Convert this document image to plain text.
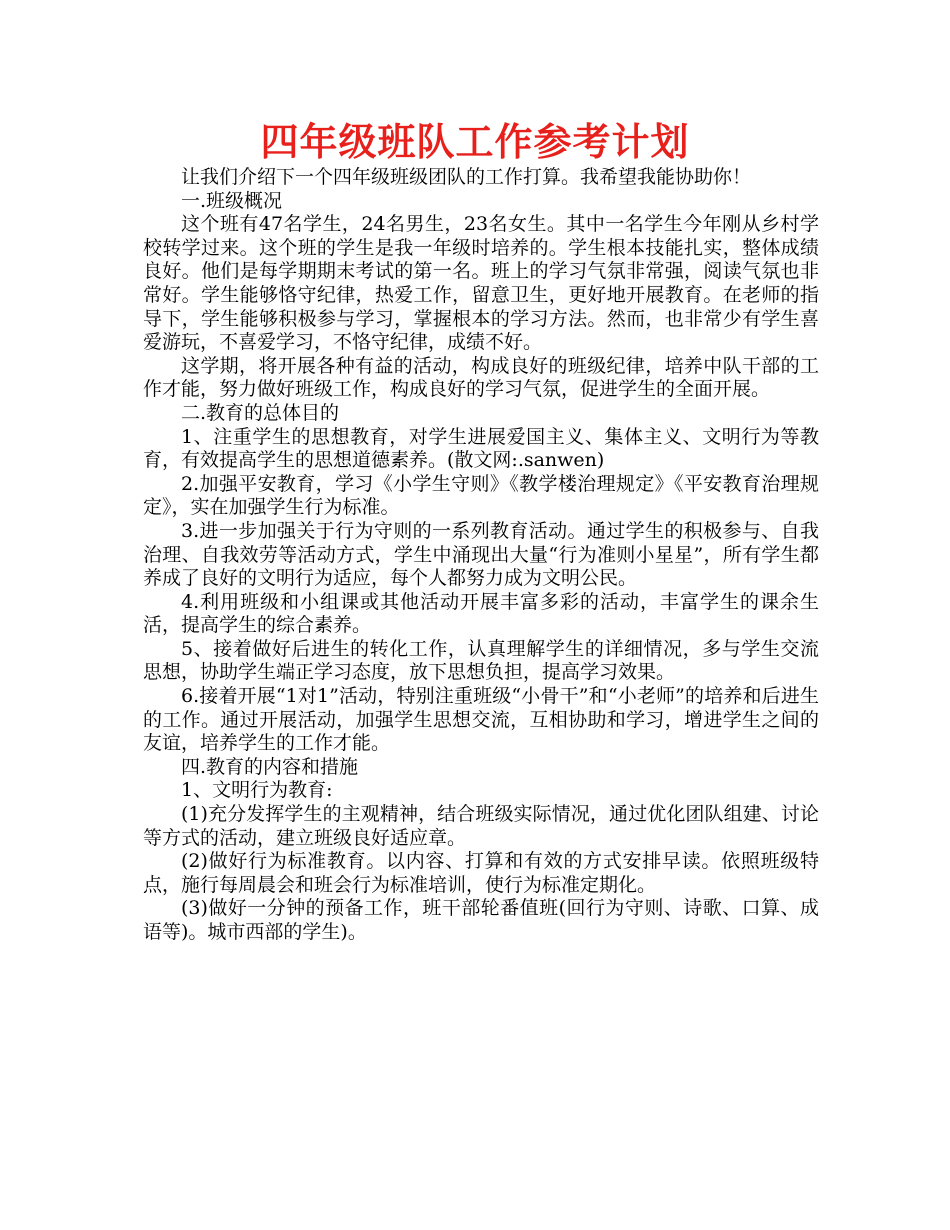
四年级班队工作参考计划

让我们介绍下一个四年级班级团队的工作打算。我希望我能协助你！

一.班级概况

这个班有47名学生，24名男生，23名女生。其中一名学生今年刚从乡村学校转学过来。这个班的学生是我一年级时培养的。学生根本技能扎实，整体成绩良好。他们是每学期期末考试的第一名。班上的学习气氛非常强，阅读气氛也非常好。学生能够恪守纪律，热爱工作，留意卫生，更好地开展教育。在老师的指导下，学生能够积极参与学习，掌握根本的学习方法。然而，也非常少有学生喜爱游玩，不喜爱学习，不恪守纪律，成绩不好。

这学期，将开展各种有益的活动，构成良好的班级纪律，培养中队干部的工作才能，努力做好班级工作，构成良好的学习气氛，促进学生的全面开展。

二.教育的总体目的

1、注重学生的思想教育，对学生进展爱国主义、集体主义、文明行为等教育，有效提高学生的思想道德素养。(散文网:.sanwen)

2.加强平安教育，学习《小学生守则》《教学楼治理规定》《平安教育治理规定》，实在加强学生行为标准。

3.进一步加强关于行为守则的一系列教育活动。通过学生的积极参与、自我治理、自我效劳等活动方式，学生中涌现出大量“行为准则小星星”，所有学生都养成了良好的文明行为适应，每个人都努力成为文明公民。

4.利用班级和小组课或其他活动开展丰富多彩的活动，丰富学生的课余生活，提高学生的综合素养。

5、接着做好后进生的转化工作，认真理解学生的详细情况，多与学生交流思想，协助学生端正学习态度，放下思想负担，提高学习效果。

6.接着开展“1对1”活动，特别注重班级“小骨干”和“小老师”的培养和后进生的工作。通过开展活动，加强学生思想交流，互相协助和学习，增进学生之间的友谊，培养学生的工作才能。

四.教育的内容和措施

1、文明行为教育:

(1)充分发挥学生的主观精神，结合班级实际情况，通过优化团队组建、讨论等方式的活动，建立班级良好适应章。

(2)做好行为标准教育。以内容、打算和有效的方式安排早读。依照班级特点，施行每周晨会和班会行为标准培训，使行为标准定期化。

(3)做好一分钟的预备工作，班干部轮番值班(回行为守则、诗歌、口算、成语等)。城市西部的学生)。
